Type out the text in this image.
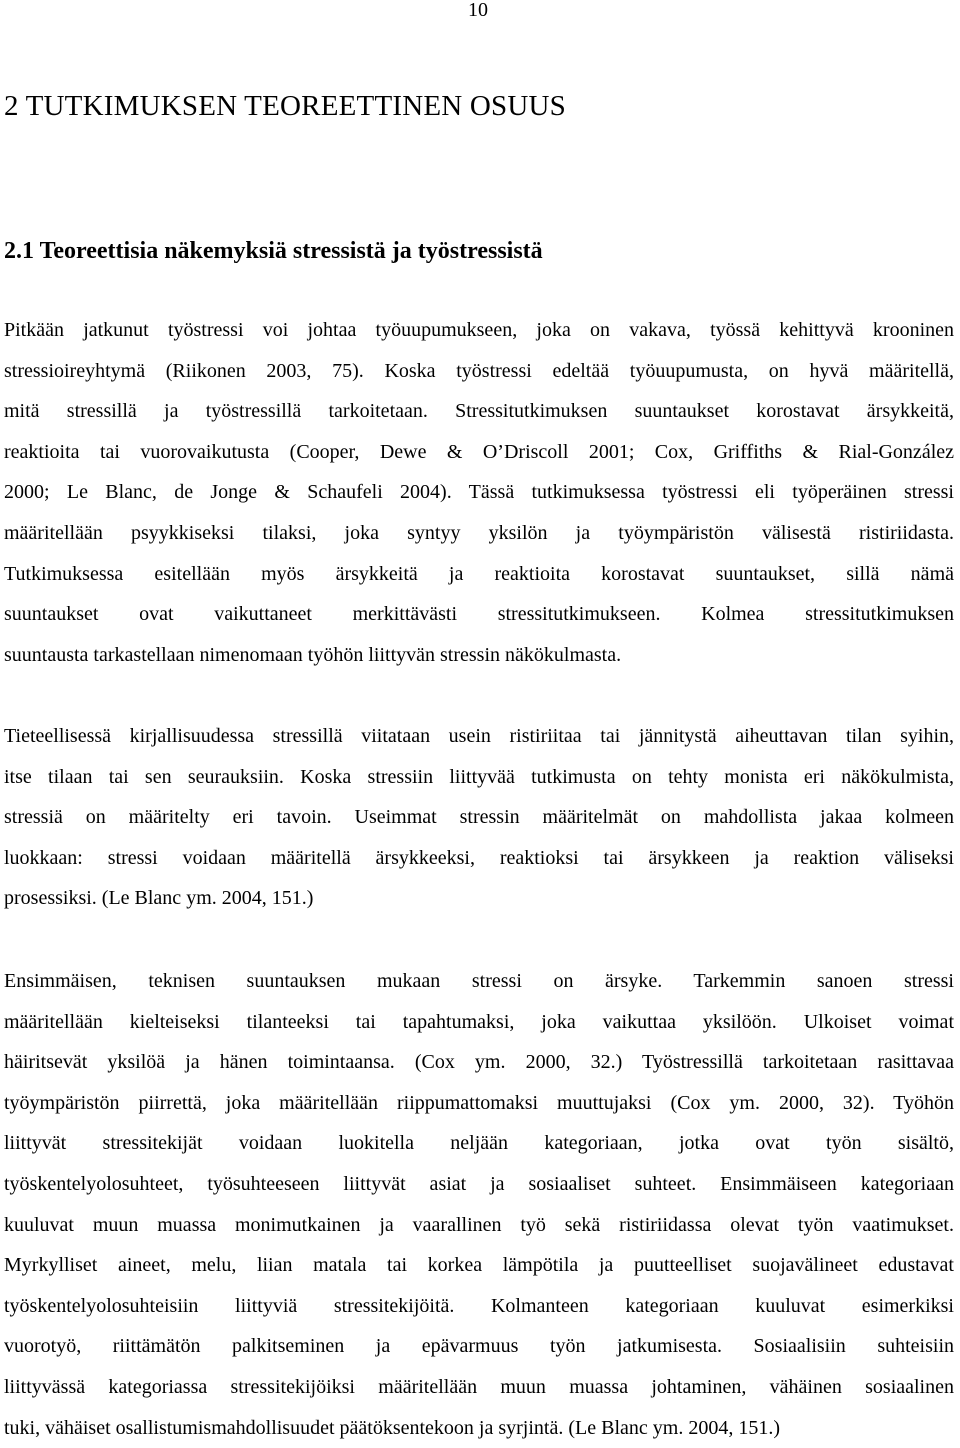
10
2 TUTKIMUKSEN TEOREETTINEN OSUUS
2.1 Teoreettisia näkemyksiä stressistä ja työstressistä
Pitkään jatkunut työstressi voi johtaa työuupumukseen, joka on vakava, työssä kehittyvä krooninen
stressioireyhtymä (Riikonen 2003, 75). Koska työstressi edeltää työuupumusta, on hyvä määritellä,
mitä stressillä ja työstressillä tarkoitetaan. Stressitutkimuksen suuntaukset korostavat ärsykkeitä,
reaktioita tai vuorovaikutusta (Cooper, Dewe & O’Driscoll 2001; Cox, Griffiths & Rial-González
2000; Le Blanc, de Jonge & Schaufeli 2004). Tässä tutkimuksessa työstressi eli työperäinen stressi
määritellään psyykkiseksi tilaksi, joka syntyy yksilön ja työympäristön välisestä ristiriidasta.
Tutkimuksessa esitellään myös ärsykkeitä ja reaktioita korostavat suuntaukset, sillä nämä
suuntaukset ovat vaikuttaneet merkittävästi stressitutkimukseen. Kolmea stressitutkimuksen
suuntausta tarkastellaan nimenomaan työhön liittyvän stressin näkökulmasta.
Tieteellisessä kirjallisuudessa stressillä viitataan usein ristiriitaa tai jännitystä aiheuttavan tilan syihin,
itse tilaan tai sen seurauksiin. Koska stressiin liittyvää tutkimusta on tehty monista eri näkökulmista,
stressiä on määritelty eri tavoin. Useimmat stressin määritelmät on mahdollista jakaa kolmeen
luokkaan: stressi voidaan määritellä ärsykkeeksi, reaktioksi tai ärsykkeen ja reaktion väliseksi
prosessiksi. (Le Blanc ym. 2004, 151.)
Ensimmäisen, teknisen suuntauksen mukaan stressi on ärsyke. Tarkemmin sanoen stressi
määritellään kielteiseksi tilanteeksi tai tapahtumaksi, joka vaikuttaa yksilöön. Ulkoiset voimat
häiritsevät yksilöä ja hänen toimintaansa. (Cox ym. 2000, 32.) Työstressillä tarkoitetaan rasittavaa
työympäristön piirrettä, joka määritellään riippumattomaksi muuttujaksi (Cox ym. 2000, 32). Työhön
liittyvät stressitekijät voidaan luokitella neljään kategoriaan, jotka ovat työn sisältö,
työskentelyolosuhteet, työsuhteeseen liittyvät asiat ja sosiaaliset suhteet. Ensimmäiseen kategoriaan
kuuluvat muun muassa monimutkainen ja vaarallinen työ sekä ristiriidassa olevat työn vaatimukset.
Myrkylliset aineet, melu, liian matala tai korkea lämpötila ja puutteelliset suojavälineet edustavat
työskentelyolosuhteisiin liittyviä stressitekijöitä. Kolmanteen kategoriaan kuuluvat esimerkiksi
vuorotyö, riittämätön palkitseminen ja epävarmuus työn jatkumisesta. Sosiaalisiin suhteisiin
liittyvässä kategoriassa stressitekijöiksi määritellään muun muassa johtaminen, vähäinen sosiaalinen
tuki, vähäiset osallistumismahdollisuudet päätöksentekoon ja syrjintä. (Le Blanc ym. 2004, 151.)
